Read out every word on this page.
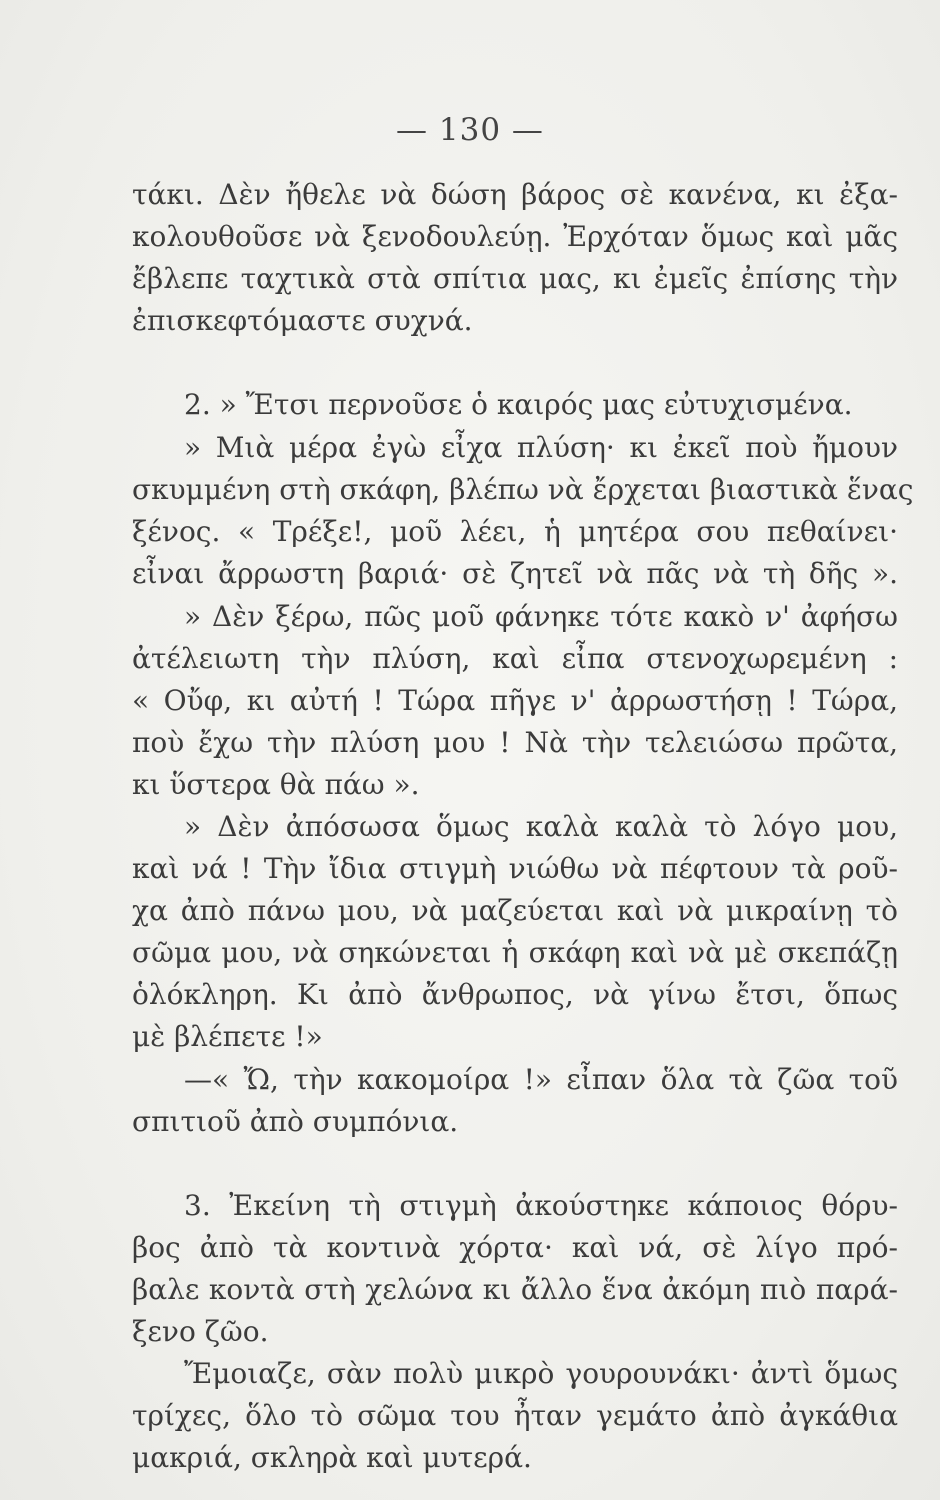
— 130 —
τάκι. Δὲν ἤθελε νὰ δώση βάρος σὲ κανένα, κι ἐξα-
κολουθοῦσε νὰ ξενοδουλεύῃ. Ἐρχόταν ὅμως καὶ μᾶς
ἔβλεπε ταχτικὰ στὰ σπίτια μας, κι ἐμεῖς ἐπίσης τὴν
ἐπισκεφτόμαστε συχνά.
2. » Ἔτσι περνοῦσε ὁ καιρός μας εὐτυχισμένα.
» Μιὰ μέρα ἐγὼ εἶχα πλύση· κι ἐκεῖ ποὺ ἤμουν
σκυμμένη στὴ σκάφη, βλέπω νὰ ἔρχεται βιαστικὰ ἕνας
ξένος. « Τρέξε!, μοῦ λέει, ἡ μητέρα σου πεθαίνει·
εἶναι ἄρρωστη βαριά· σὲ ζητεῖ νὰ πᾶς νὰ τὴ δῆς ».
» Δὲν ξέρω, πῶς μοῦ φάνηκε τότε κακὸ ν' ἀφήσω
ἀτέλειωτη τὴν πλύση, καὶ εἶπα στενοχωρεμένη :
« Οὔφ, κι αὐτή ! Τώρα πῆγε ν' ἀρρωστήσῃ ! Τώρα,
ποὺ ἔχω τὴν πλύση μου ! Νὰ τὴν τελειώσω πρῶτα,
κι ὕστερα θὰ πάω ».
» Δὲν ἀπόσωσα ὅμως καλὰ καλὰ τὸ λόγο μου,
καὶ νά ! Τὴν ἴδια στιγμὴ νιώθω νὰ πέφτουν τὰ ροῦ-
χα ἀπὸ πάνω μου, νὰ μαζεύεται καὶ νὰ μικραίνῃ τὸ
σῶμα μου, νὰ σηκώνεται ἡ σκάφη καὶ νὰ μὲ σκεπάζῃ
ὁλόκληρη. Κι ἀπὸ ἄνθρωπος, νὰ γίνω ἔτσι, ὅπως
μὲ βλέπετε !»
—« Ὤ, τὴν κακομοίρα !» εἶπαν ὅλα τὰ ζῶα τοῦ
σπιτιοῦ ἀπὸ συμπόνια.
3. Ἐκείνη τὴ στιγμὴ ἀκούστηκε κάποιος θόρυ-
βος ἀπὸ τὰ κοντινὰ χόρτα· καὶ νά, σὲ λίγο πρό-
βαλε κοντὰ στὴ χελώνα κι ἄλλο ἕνα ἀκόμη πιὸ παρά-
ξενο ζῶο.
Ἔμοιαζε, σὰν πολὺ μικρὸ γουρουνάκι· ἀντὶ ὅμως
τρίχες, ὅλο τὸ σῶμα του ἦταν γεμάτο ἀπὸ ἀγκάθια
μακριά, σκληρὰ καὶ μυτερά.
